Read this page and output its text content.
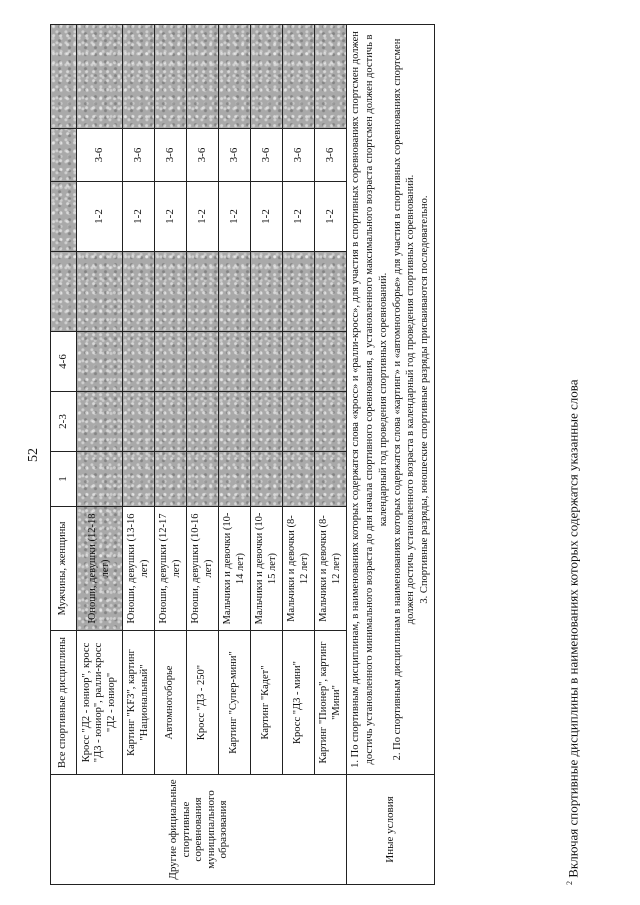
52
Другие официальные спортивные соревнования муниципального образования	Все спортивные дисциплины	Мужчины, женщины	1	2-3	4-6				
	Кросс "Д2 - юниор", кросс "Д3 - юниор", ралли-кросс "Д2 - юниор"	Юноши, девушки (12-18 лет)					1-2	3-6	
	Картинг "KF3", картинг "Национальный"	Юноши, девушки (13-16 лет)					1-2	3-6	
	Автомногоборье	Юноши, девушки (12-17 лет)					1-2	3-6	
	Кросс "Д3 - 250"	Юноши, девушки (10-16 лет)					1-2	3-6	
	Картинг "Супер-мини"	Мальчики и девочки (10-14 лет)					1-2	3-6	
	Картинг "Кадет"	Мальчики и девочки (10-15 лет)					1-2	3-6	
	Кросс "Д3 - мини"	Мальчики и девочки (8-12 лет)					1-2	3-6	
	Картинг "Пионер", картинг "Мини"	Мальчики и девочки (8-12 лет)					1-2	3-6	
Иные условия	1. По спортивным дисциплинам, в наименованиях которых содержатся слова «кросс» и «ралли-кросс», для участия в спортивных соревнованиях спортсмен должен достичь установленного минимального возраста до дня начала спортивного соревнования, а установленного максимального возраста спортсмен должен достичь в календарный год проведения спортивных соревнований. 2. По спортивным дисциплинам в наименованиях которых содержатся слова «картинг» и «автомногоборье» для участия в спортивных соревнованиях спортсмен должен достичь установленного возраста в календарный год проведения спортивных соревнований. 3. Спортивные разряды, юношеские спортивные разряды присваиваются последовательно.								

$^2$ Включая спортивные дисциплины в наименованиях которых содержатся указанные слова
